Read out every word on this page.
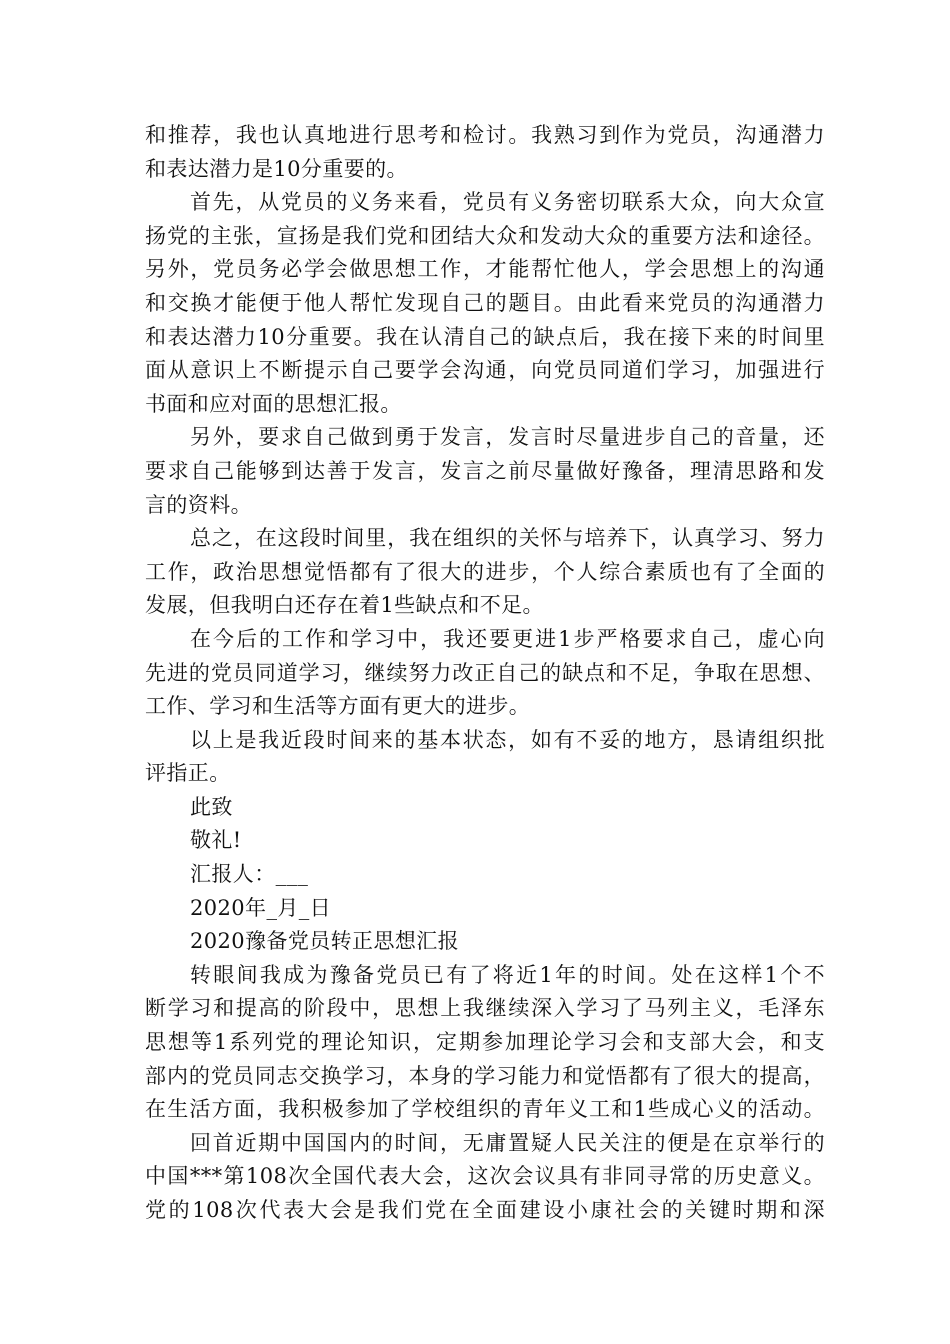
和推荐，我也认真地进行思考和检讨。我熟习到作为党员，沟通潜力
和表达潜力是10分重要的。
首先，从党员的义务来看，党员有义务密切联系大众，向大众宣
扬党的主张，宣扬是我们党和团结大众和发动大众的重要方法和途径。
另外，党员务必学会做思想工作，才能帮忙他人，学会思想上的沟通
和交换才能便于他人帮忙发现自己的题目。由此看来党员的沟通潜力
和表达潜力10分重要。我在认清自己的缺点后，我在接下来的时间里
面从意识上不断提示自己要学会沟通，向党员同道们学习，加强进行
书面和应对面的思想汇报。
另外，要求自己做到勇于发言，发言时尽量进步自己的音量，还
要求自己能够到达善于发言，发言之前尽量做好豫备，理清思路和发
言的资料。
总之，在这段时间里，我在组织的关怀与培养下，认真学习、努力
工作，政治思想觉悟都有了很大的进步，个人综合素质也有了全面的
发展，但我明白还存在着1些缺点和不足。
在今后的工作和学习中，我还要更进1步严格要求自己，虚心向
先进的党员同道学习，继续努力改正自己的缺点和不足，争取在思想、
工作、学习和生活等方面有更大的进步。
以上是我近段时间来的基本状态，如有不妥的地方，恳请组织批
评指正。
此致
敬礼!
汇报人：___
2020年_月_日
2020豫备党员转正思想汇报
转眼间我成为豫备党员已有了将近1年的时间。处在这样1个不
断学习和提高的阶段中，思想上我继续深入学习了马列主义，毛泽东
思想等1系列党的理论知识，定期参加理论学习会和支部大会，和支
部内的党员同志交换学习，本身的学习能力和觉悟都有了很大的提高，
在生活方面，我积极参加了学校组织的青年义工和1些成心义的活动。
回首近期中国国内的时间，无庸置疑人民关注的便是在京举行的
中国***第108次全国代表大会，这次会议具有非同寻常的历史意义。
党的108次代表大会是我们党在全面建设小康社会的关键时期和深
